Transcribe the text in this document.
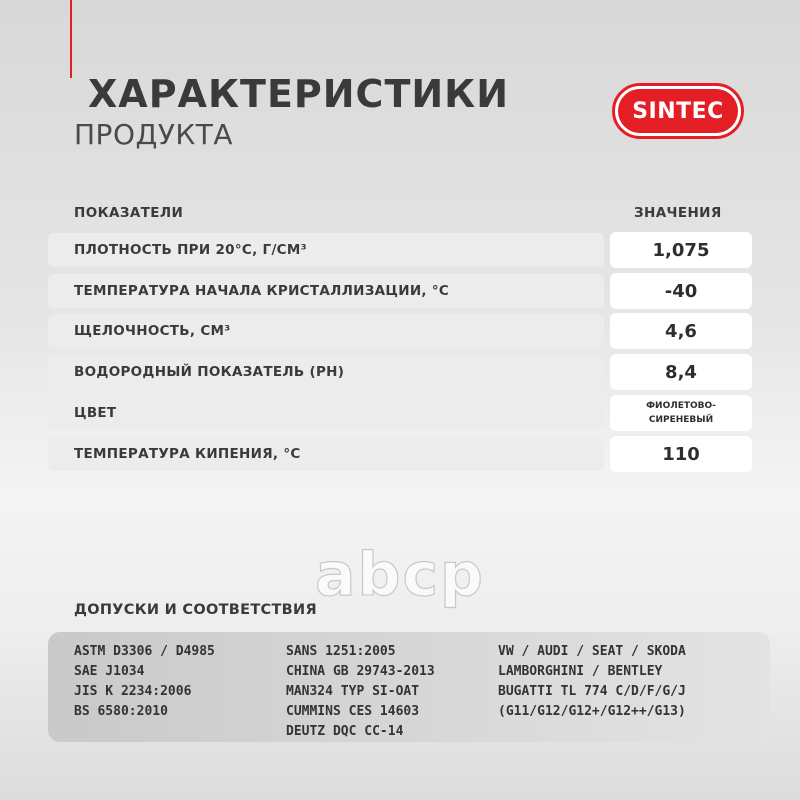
ХАРАКТЕРИСТИКИ
ПРОДУКТА
SINTEC
ПОКАЗАТЕЛИ	ЗНАЧЕНИЯ
ПЛОТНОСТЬ ПРИ 20°С, Г/СМ³	1,075
ТЕМПЕРАТУРА НАЧАЛА КРИСТАЛЛИЗАЦИИ, °С	-40
ЩЕЛОЧНОСТЬ, СМ³	4,6
ВОДОРОДНЫЙ ПОКАЗАТЕЛЬ (РН)	8,4
ЦВЕТ	ФИОЛЕТОВО-
СИРЕНЕВЫЙ
ТЕМПЕРАТУРА КИПЕНИЯ, °С	110
abcp
ДОПУСКИ И СООТВЕТСТВИЯ
ASTM D3306 / D4985
SAE J1034
JIS K 2234:2006
BS 6580:2010
SANS 1251:2005
CHINA GB 29743-2013
MAN324 TYP SI-OAT
CUMMINS CES 14603
DEUTZ DQC CC-14
VW / AUDI / SEAT / SKODA
LAMBORGHINI / BENTLEY
BUGATTI TL 774 C/D/F/G/J
(G11/G12/G12+/G12++/G13)
